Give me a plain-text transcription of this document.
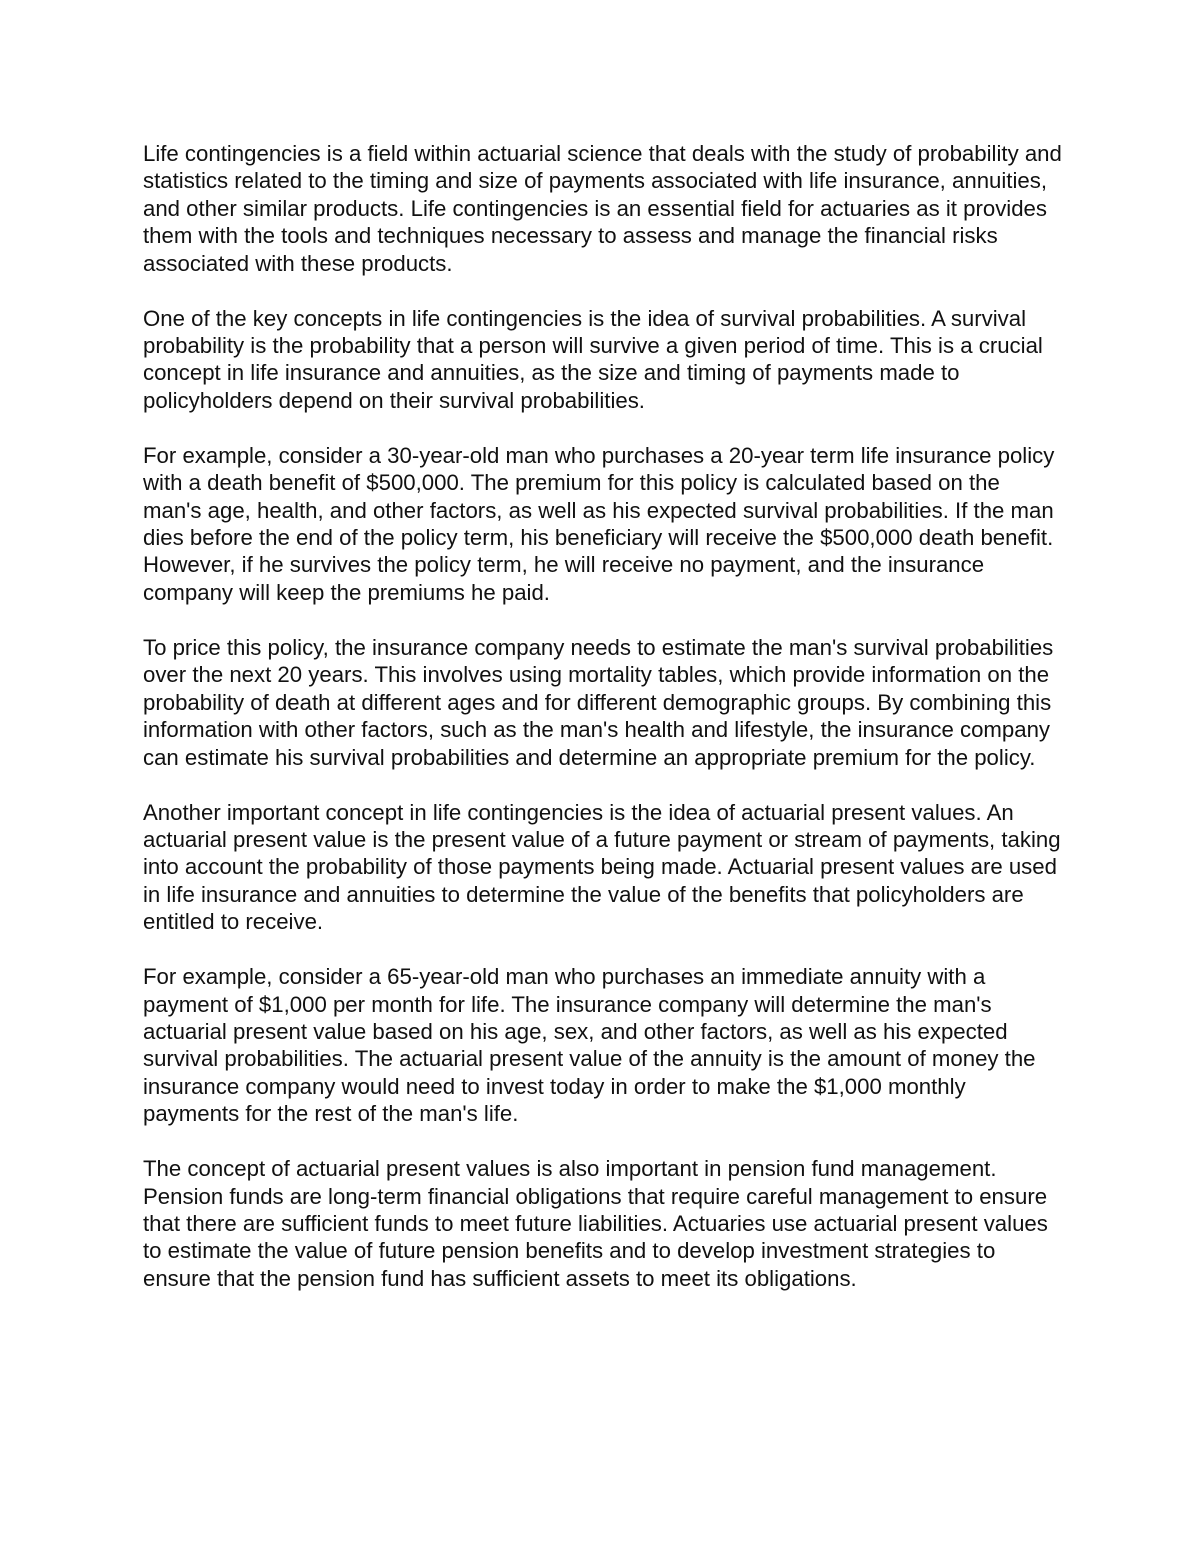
Life contingencies is a field within actuarial science that deals with the study of probability and statistics related to the timing and size of payments associated with life insurance, annuities, and other similar products. Life contingencies is an essential field for actuaries as it provides them with the tools and techniques necessary to assess and manage the financial risks associated with these products.

One of the key concepts in life contingencies is the idea of survival probabilities. A survival probability is the probability that a person will survive a given period of time. This is a crucial concept in life insurance and annuities, as the size and timing of payments made to policyholders depend on their survival probabilities.

For example, consider a 30-year-old man who purchases a 20-year term life insurance policy with a death benefit of $500,000. The premium for this policy is calculated based on the man's age, health, and other factors, as well as his expected survival probabilities. If the man dies before the end of the policy term, his beneficiary will receive the $500,000 death benefit. However, if he survives the policy term, he will receive no payment, and the insurance company will keep the premiums he paid.

To price this policy, the insurance company needs to estimate the man's survival probabilities over the next 20 years. This involves using mortality tables, which provide information on the probability of death at different ages and for different demographic groups. By combining this information with other factors, such as the man's health and lifestyle, the insurance company can estimate his survival probabilities and determine an appropriate premium for the policy.

Another important concept in life contingencies is the idea of actuarial present values. An actuarial present value is the present value of a future payment or stream of payments, taking into account the probability of those payments being made. Actuarial present values are used in life insurance and annuities to determine the value of the benefits that policyholders are entitled to receive.

For example, consider a 65-year-old man who purchases an immediate annuity with a payment of $1,000 per month for life. The insurance company will determine the man's actuarial present value based on his age, sex, and other factors, as well as his expected survival probabilities. The actuarial present value of the annuity is the amount of money the insurance company would need to invest today in order to make the $1,000 monthly payments for the rest of the man's life.

The concept of actuarial present values is also important in pension fund management. Pension funds are long-term financial obligations that require careful management to ensure that there are sufficient funds to meet future liabilities. Actuaries use actuarial present values to estimate the value of future pension benefits and to develop investment strategies to ensure that the pension fund has sufficient assets to meet its obligations.
